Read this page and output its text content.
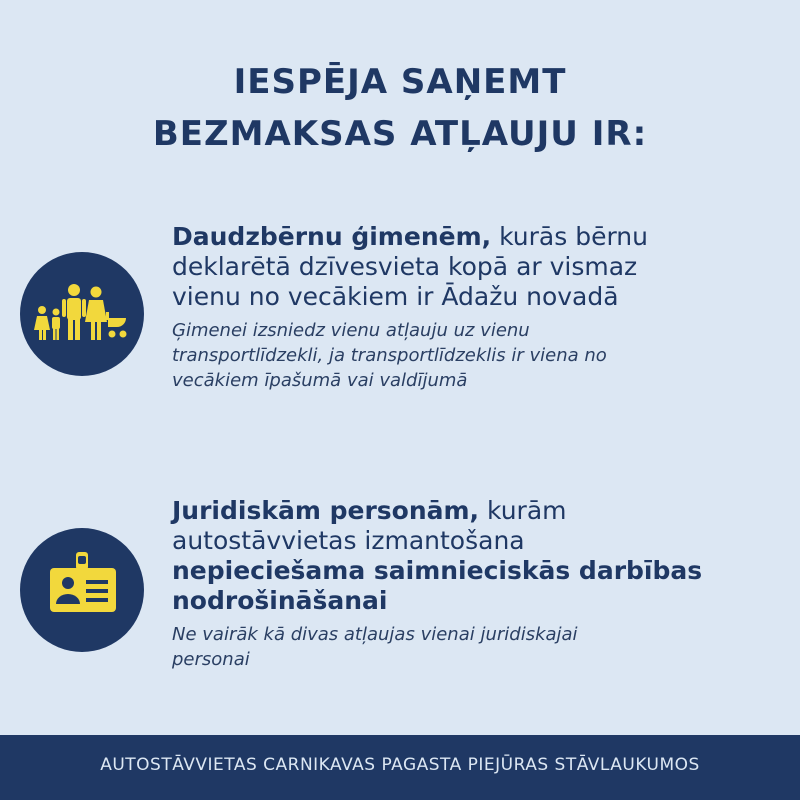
IESPĒJA SAŅEMT
BEZMAKSAS ATĻAUJU IR:
Daudzbērnu ģimenēm, kurās bērnu
deklarētā dzīvesvieta kopā ar vismaz
vienu no vecākiem ir Ādažu novadā
Ģimenei izsniedz vienu atļauju uz vienu
transportlīdzekli, ja transportlīdzeklis ir viena no
vecākiem īpašumā vai valdījumā
Juridiskām personām, kurām
autostāvvietas izmantošana
nepieciešama saimnieciskās darbības
nodrošināšanai
Ne vairāk kā divas atļaujas vienai juridiskajai
personai
AUTOSTĀVVIETAS CARNIKAVAS PAGASTA PIEJŪRAS STĀVLAUKUMOS
